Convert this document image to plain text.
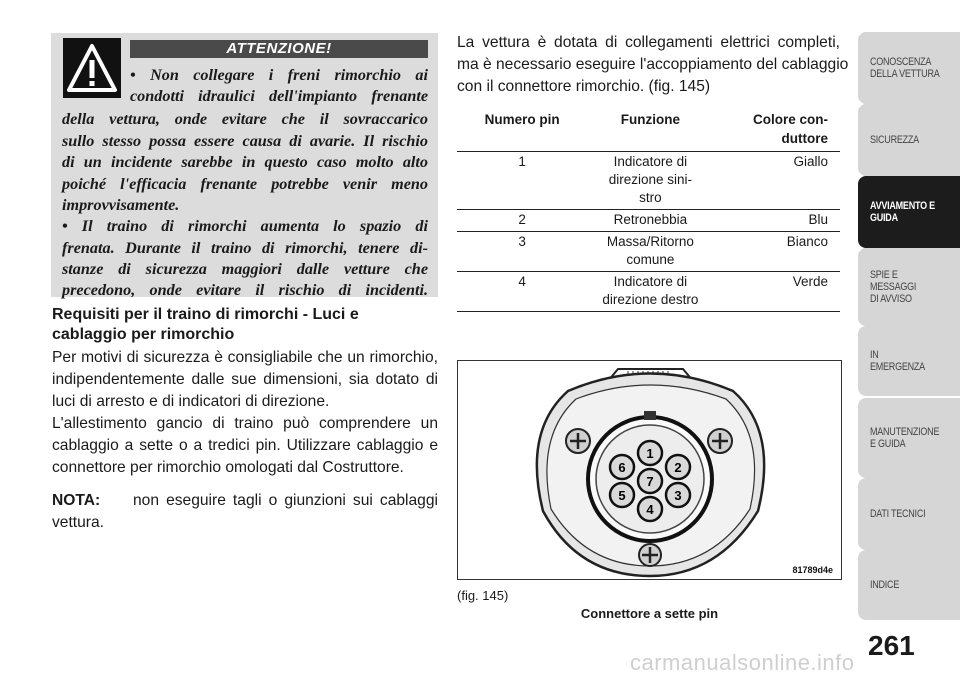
ATTENZIONE!
• Non collegare i freni rimorchio ai
condotti idraulici dell'impianto frenante
della vettura, onde evitare che il sovraccarico
sullo stesso possa essere causa di avarie. Il rischio
di un incidente sarebbe in questo caso molto alto
poiché l'efficacia frenante potrebbe venir meno
improvvisamente.
• Il traino di rimorchi aumenta lo spazio di
frenata. Durante il traino di rimorchi, tenere di-
stanze di sicurezza maggiori dalle vetture che
precedono, onde evitare il rischio di incidenti.
Requisiti per il traino di rimorchi - Luci e
cablaggio per rimorchio
Per motivi di sicurezza è consigliabile che un rimorchio,
indipendentemente dalle sue dimensioni, sia dotato di
luci di arresto e di indicatori di direzione.
L'allestimento gancio di traino può comprendere un
cablaggio a sette o a tredici pin. Utilizzare cablaggio e
connettore per rimorchio omologati dal Costruttore.
NOTA: non eseguire tagli o giunzioni sui cablaggi
vettura.
La vettura è dotata di collegamenti elettrici completi,
ma è necessario eseguire l'accoppiamento del cablaggio
con il connettore rimorchio. (fig. 145)
Numero pin	Funzione	Colore con-
duttore
1	Indicatore di
direzione sini-
stro	Giallo
2	Retronebbia	Blu
3	Massa/Ritorno
comune	Bianco
4	Indicatore di
direzione destro	Verde
1
2
3
4
5
6
7
81789d4e
(fig. 145)
Connettore a sette pin
CONOSCENZA
DELLA VETTURA
SICUREZZA
AVVIAMENTO E
GUIDA
SPIE E
MESSAGGI
DI AVVISO
IN
EMERGENZA
MANUTENZIONE
E GUIDA
DATI TECNICI
INDICE
261
carmanualsonline.info
